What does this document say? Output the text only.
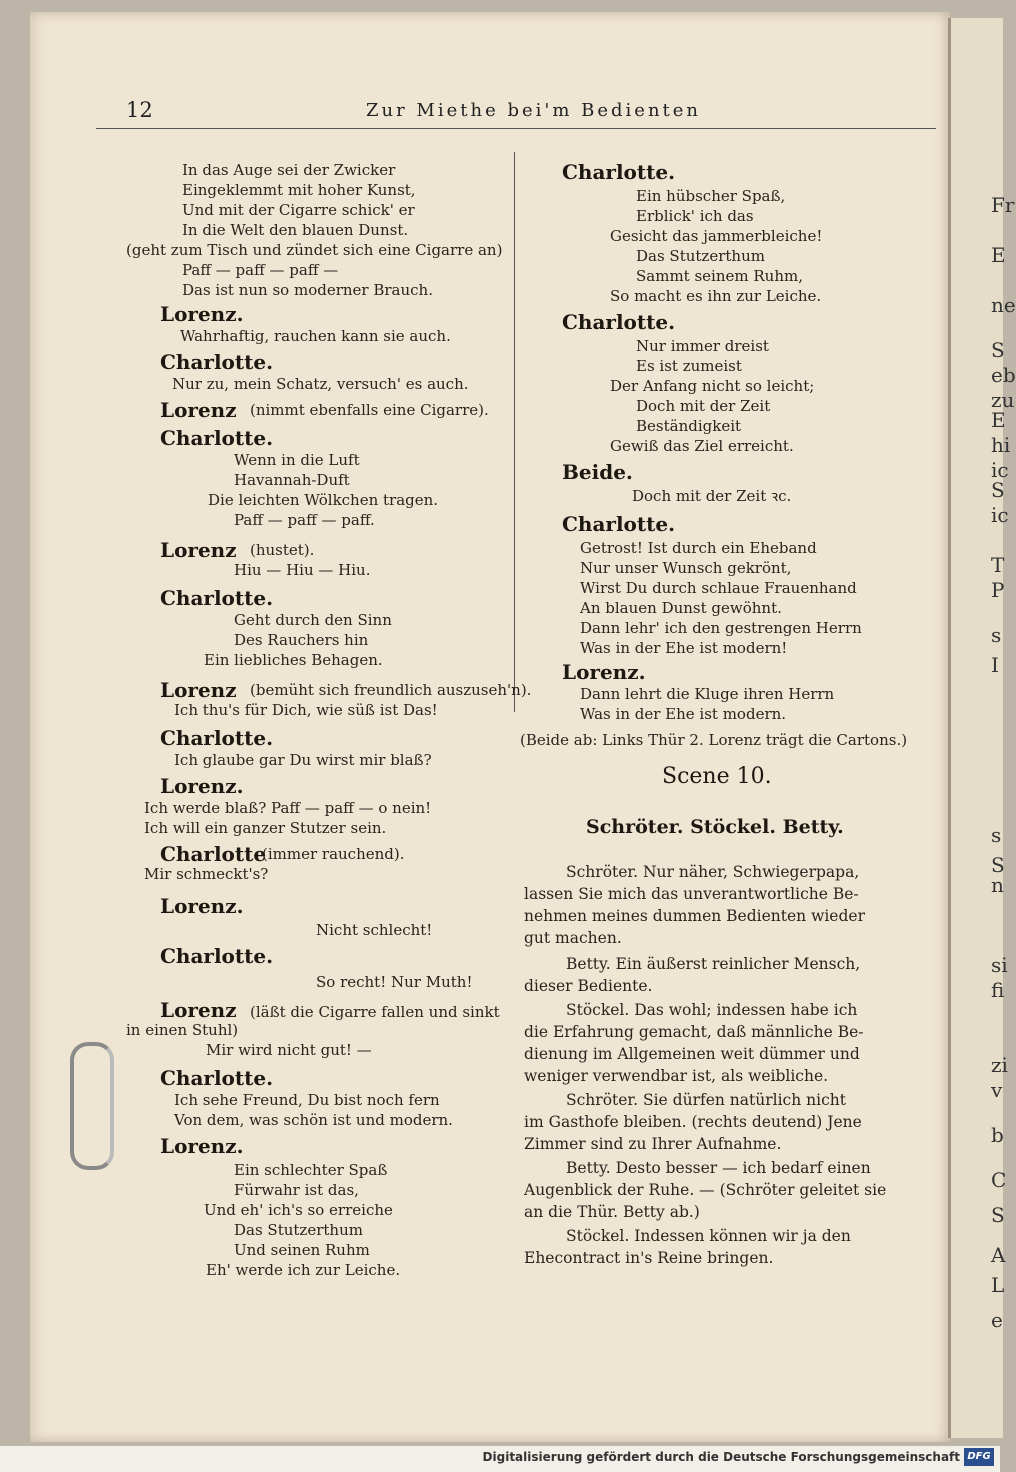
Fr
E
ne
S
eb
zu
E
hi
ic
S
ic
T
P
s
I
s
S
n
si
fi
zi
v
b
C
S
A
L
e
12	Zur Miethe bei'm Bedienten
In das Auge sei der Zwicker
Eingeklemmt mit hoher Kunst,
Und mit der Cigarre schick' er
In die Welt den blauen Dunst.
(geht zum Tisch und zündet sich eine Cigarre an)
Paff — paff — paff —
Das ist nun so moderner Brauch.
Lorenz.
Wahrhaftig, rauchen kann sie auch.
Charlotte.
Nur zu, mein Schatz, versuch' es auch.
Lorenz (nimmt ebenfalls eine Cigarre).
Charlotte.
Wenn in die Luft
Havannah-Duft
Die leichten Wölkchen tragen.
Paff — paff — paff.
Lorenz (hustet).
Hiu — Hiu — Hiu.
Charlotte.
Geht durch den Sinn
Des Rauchers hin
Ein liebliches Behagen.
Lorenz (bemüht sich freundlich auszuseh'n).
Ich thu's für Dich, wie süß ist Das!
Charlotte.
Ich glaube gar Du wirst mir blaß?
Lorenz.
Ich werde blaß? Paff — paff — o nein!
Ich will ein ganzer Stutzer sein.
Charlotte
(immer rauchend).
Mir schmeckt's?
Lorenz.
Nicht schlecht!
Charlotte.
So recht! Nur Muth!
Lorenz (läßt die Cigarre fallen und sinkt
in einen Stuhl)
Mir wird nicht gut! —
Charlotte.
Ich sehe Freund, Du bist noch fern
Von dem, was schön ist und modern.
Lorenz.
Ein schlechter Spaß
Fürwahr ist das,
Und eh' ich's so erreiche
Das Stutzerthum
Und seinen Ruhm
Eh' werde ich zur Leiche.
Scene 10.
Schröter. Stöckel. Betty.
Charlotte.
Ein hübscher Spaß,
Erblick' ich das
Gesicht das jammerbleiche!
Das Stutzerthum
Sammt seinem Ruhm,
So macht es ihn zur Leiche.
Charlotte.
Nur immer dreist
Es ist zumeist
Der Anfang nicht so leicht;
Doch mit der Zeit
Beständigkeit
Gewiß das Ziel erreicht.
Beide.
Doch mit der Zeit ꝛc.
Charlotte.
Getrost! Ist durch ein Eheband
Nur unser Wunsch gekrönt,
Wirst Du durch schlaue Frauenhand
An blauen Dunst gewöhnt.
Dann lehr' ich den gestrengen Herrn
Was in der Ehe ist modern!
Lorenz.
Dann lehrt die Kluge ihren Herrn
Was in der Ehe ist modern.
(Beide ab: Links Thür 2. Lorenz trägt die Cartons.)
Schröter. Nur näher, Schwiegerpapa,
lassen Sie mich das unverantwortliche Be-
nehmen meines dummen Bedienten wieder
gut machen.
Betty. Ein äußerst reinlicher Mensch,
dieser Bediente.
Stöckel. Das wohl; indessen habe ich
die Erfahrung gemacht, daß männliche Be-
dienung im Allgemeinen weit dümmer und
weniger verwendbar ist, als weibliche.
Schröter. Sie dürfen natürlich nicht
im Gasthofe bleiben. (rechts deutend) Jene
Zimmer sind zu Ihrer Aufnahme.
Betty. Desto besser — ich bedarf einen
Augenblick der Ruhe. — (Schröter geleitet sie
an die Thür. Betty ab.)
Stöckel. Indessen können wir ja den
Ehecontract in's Reine bringen.
Digitalisierung gefördert durch die Deutsche Forschungsgemeinschaft DFG
